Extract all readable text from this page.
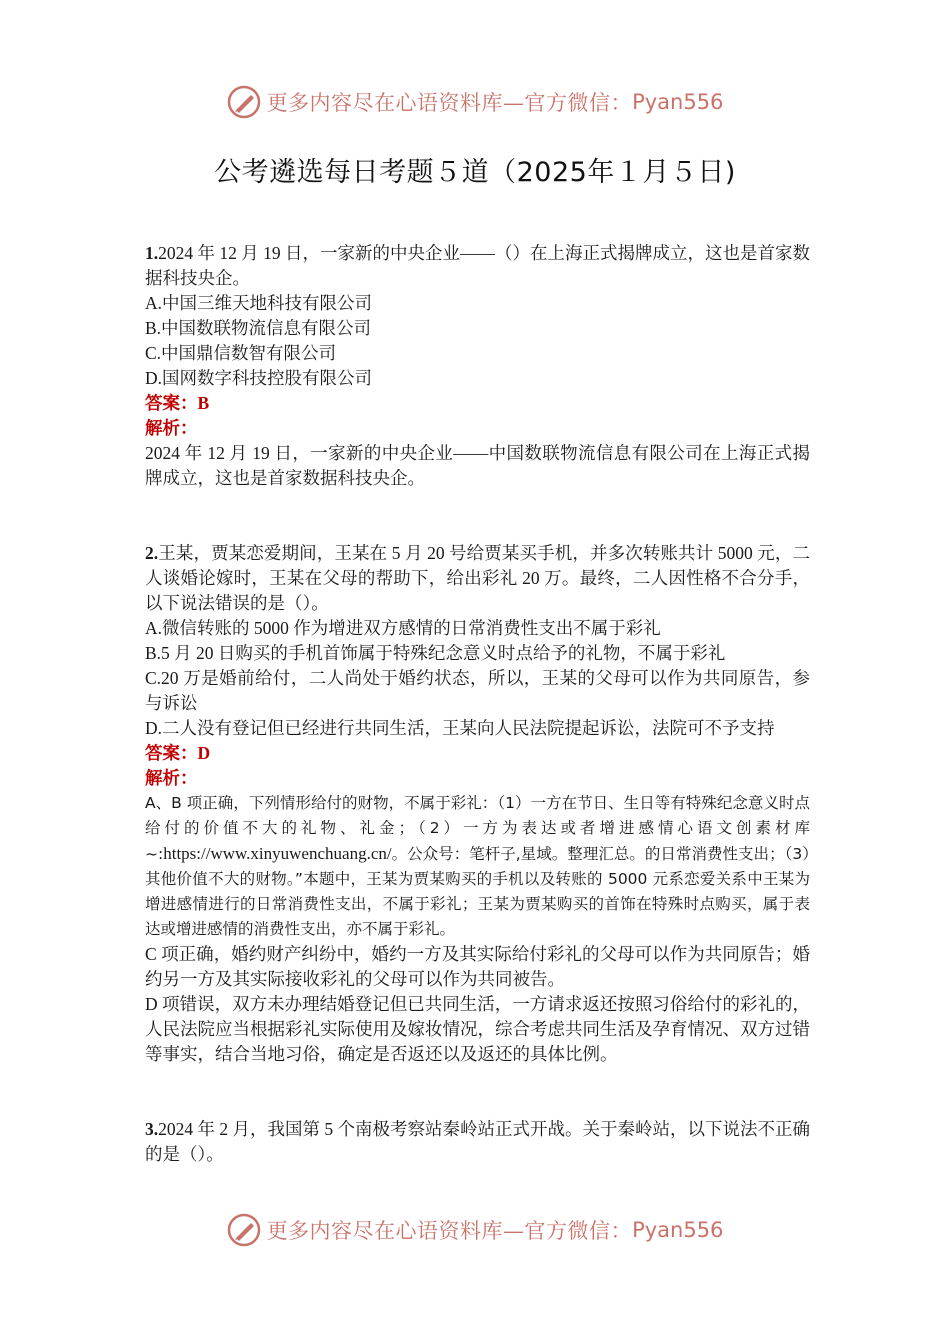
更多内容尽在心语资料库—官方微信： Pyan556
公考遴选每日考题５道（2025年１月５日)

1.2024 年 12 月 19 日，一家新的中央企业——（）在上海正式揭牌成立，这也是首家数据科技央企。

A.中国三维天地科技有限公司

B.中国数联物流信息有限公司

C.中国鼎信数智有限公司

D.国网数字科技控股有限公司

答案：B

解析：

2024 年 12 月 19 日，一家新的中央企业——中国数联物流信息有限公司在上海正式揭牌成立，这也是首家数据科技央企。

2.王某，贾某恋爱期间，王某在 5 月 20 号给贾某买手机，并多次转账共计 5000 元，二人谈婚论嫁时，王某在父母的帮助下，给出彩礼 20 万。最终，二人因性格不合分手，以下说法错误的是（）。

A.微信转账的 5000 作为增进双方感情的日常消费性支出不属于彩礼

B.5 月 20 日购买的手机首饰属于特殊纪念意义时点给予的礼物，不属于彩礼

C.20 万是婚前给付，二人尚处于婚约状态，所以，王某的父母可以作为共同原告，参与诉讼

D.二人没有登记但已经进行共同生活，王某向人民法院提起诉讼，法院可不予支持

答案：D

解析：

A、B 项正确，下列情形给付的财物，不属于彩礼：（1）一方在节日、生日等有特殊纪念意义时点给付的价值不大的礼物、礼金；（2）一方为表达或者增进感情心语文创素材库~:https://www.xinyuwenchuang.cn/。公众号：笔杆子,星域。整理汇总。的日常消费性支出；（3）其他价值不大的财物。”本题中，王某为贾某购买的手机以及转账的 5000 元系恋爱关系中王某为增进感情进行的日常消费性支出，不属于彩礼；王某为贾某购买的首饰在特殊时点购买，属于表达或增进感情的消费性支出，亦不属于彩礼。

C 项正确，婚约财产纠纷中，婚约一方及其实际给付彩礼的父母可以作为共同原告；婚约另一方及其实际接收彩礼的父母可以作为共同被告。

D 项错误，双方未办理结婚登记但已共同生活，一方请求返还按照习俗给付的彩礼的，人民法院应当根据彩礼实际使用及嫁妆情况，综合考虑共同生活及孕育情况、双方过错等事实，结合当地习俗，确定是否返还以及返还的具体比例。

3.2024 年 2 月，我国第 5 个南极考察站秦岭站正式开战。关于秦岭站，以下说法不正确的是（）。

更多内容尽在心语资料库—官方微信： Pyan556
